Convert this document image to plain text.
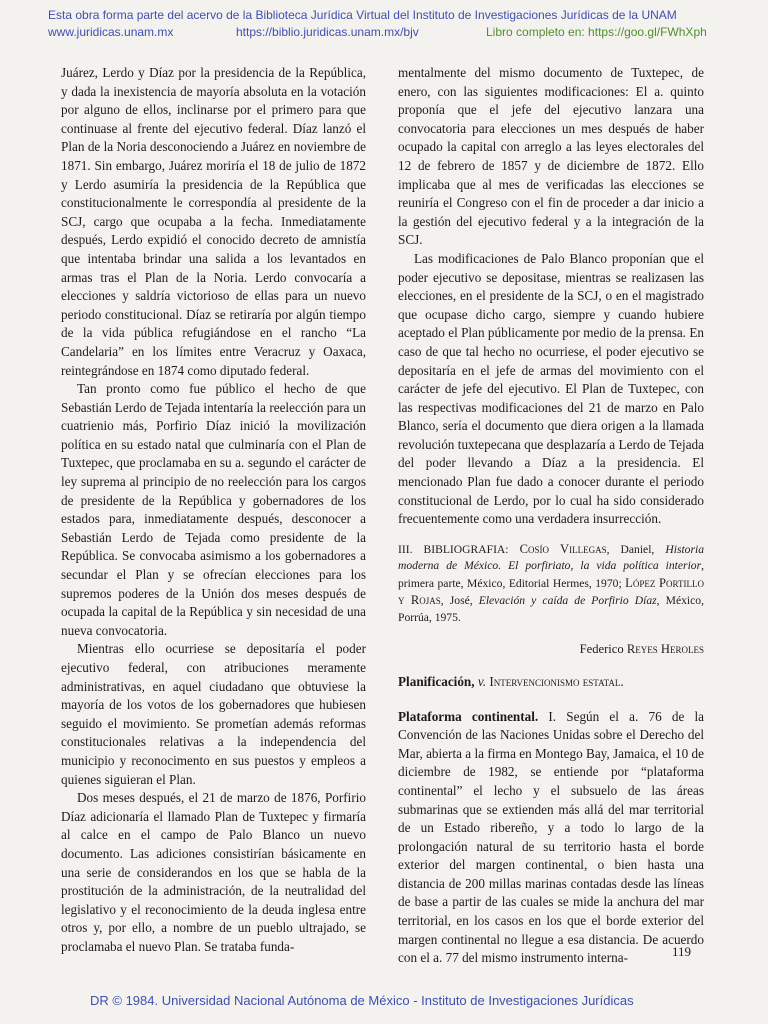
Esta obra forma parte del acervo de la Biblioteca Jurídica Virtual del Instituto de Investigaciones Jurídicas de la UNAM
www.juridicas.unam.mx	https://biblio.juridicas.unam.mx/bjv	Libro completo en: https://goo.gl/FWhXph

Juárez, Lerdo y Díaz por la presidencia de la República, y dada la inexistencia de mayoría absoluta en la votación por alguno de ellos, inclinarse por el primero para que continuase al frente del ejecutivo federal. Díaz lanzó el Plan de la Noria desconociendo a Juárez en noviembre de 1871. Sin embargo, Juárez moriría el 18 de julio de 1872 y Lerdo asumiría la presidencia de la República que constitucionalmente le correspondía al presidente de la SCJ, cargo que ocupaba a la fecha. Inmediatamente después, Lerdo expidió el conocido decreto de amnistía que intentaba brindar una salida a los levantados en armas tras el Plan de la Noria. Lerdo convocaría a elecciones y saldría victorioso de ellas para un nuevo periodo constitucional. Díaz se retiraría por algún tiempo de la vida pública refugiándose en el rancho “La Candelaria” en los límites entre Veracruz y Oaxaca, reintegrándose en 1874 como diputado federal.

Tan pronto como fue público el hecho de que Sebastián Lerdo de Tejada intentaría la reelección para un cuatrienio más, Porfirio Díaz inició la movilización política en su estado natal que culminaría con el Plan de Tuxtepec, que proclamaba en su a. segundo el carácter de ley suprema al principio de no reelección para los cargos de presidente de la República y gobernadores de los estados para, inmediatamente después, desconocer a Sebastián Lerdo de Tejada como presidente de la República. Se convocaba asimismo a los gobernadores a secundar el Plan y se ofrecían elecciones para los supremos poderes de la Unión dos meses después de ocupada la capital de la República y sin necesidad de una nueva convocatoria.

Mientras ello ocurriese se depositaría el poder ejecutivo federal, con atribuciones meramente administrativas, en aquel ciudadano que obtuviese la mayoría de los votos de los gobernadores que hubiesen seguido el movimiento. Se prometían además reformas constitucionales relativas a la independencia del municipio y reconocimento en sus puestos y empleos a quienes siguieran el Plan.

Dos meses después, el 21 de marzo de 1876, Porfirio Díaz adicionaría el llamado Plan de Tuxtepec y firmaría al calce en el campo de Palo Blanco un nuevo documento. Las adiciones consistirían básicamente en una serie de considerandos en los que se habla de la prostitución de la administración, de la neutralidad del legislativo y el reconocimiento de la deuda inglesa entre otros y, por ello, a nombre de un pueblo ultrajado, se proclamaba el nuevo Plan. Se trataba funda-

mentalmente del mismo documento de Tuxtepec, de enero, con las siguientes modificaciones: El a. quinto proponía que el jefe del ejecutivo lanzara una convocatoria para elecciones un mes después de haber ocupado la capital con arreglo a las leyes electorales del 12 de febrero de 1857 y de diciembre de 1872. Ello implicaba que al mes de verificadas las elecciones se reuniría el Congreso con el fin de proceder a dar inicio a la gestión del ejecutivo federal y a la integración de la SCJ.

Las modificaciones de Palo Blanco proponían que el poder ejecutivo se depositase, mientras se realizasen las elecciones, en el presidente de la SCJ, o en el magistrado que ocupase dicho cargo, siempre y cuando hubiere aceptado el Plan públicamente por medio de la prensa. En caso de que tal hecho no ocurriese, el poder ejecutivo se depositaría en el jefe de armas del movimiento con el carácter de jefe del ejecutivo. El Plan de Tuxtepec, con las respectivas modificaciones del 21 de marzo en Palo Blanco, sería el documento que diera origen a la llamada revolución tuxtepecana que desplazaría a Lerdo de Tejada del poder llevando a Díaz a la presidencia. El mencionado Plan fue dado a conocer durante el periodo constitucional de Lerdo, por lo cual ha sido considerado frecuentemente como una verdadera insurrección.

III. BIBLIOGRAFIA: Cosío Villegas, Daniel, Historia moderna de México. El porfiriato, la vida política interior, primera parte, México, Editorial Hermes, 1970; López Portillo y Rojas, José, Elevación y caída de Porfirio Díaz, México, Porrúa, 1975.

Federico Reyes Heroles

Planificación, v. Intervencionismo estatal.

Plataforma continental. I. Según el a. 76 de la Convención de las Naciones Unidas sobre el Derecho del Mar, abierta a la firma en Montego Bay, Jamaica, el 10 de diciembre de 1982, se entiende por “plataforma continental” el lecho y el subsuelo de las áreas submarinas que se extienden más allá del mar territorial de un Estado ribereño, y a todo lo largo de la prolongación natural de su territorio hasta el borde exterior del margen continental, o bien hasta una distancia de 200 millas marinas contadas desde las líneas de base a partir de las cuales se mide la anchura del mar territorial, en los casos en los que el borde exterior del margen continental no llegue a esa distancia. De acuerdo con el a. 77 del mismo instrumento interna-	119
DR © 1984. Universidad Nacional Autónoma de México - Instituto de Investigaciones Jurídicas
